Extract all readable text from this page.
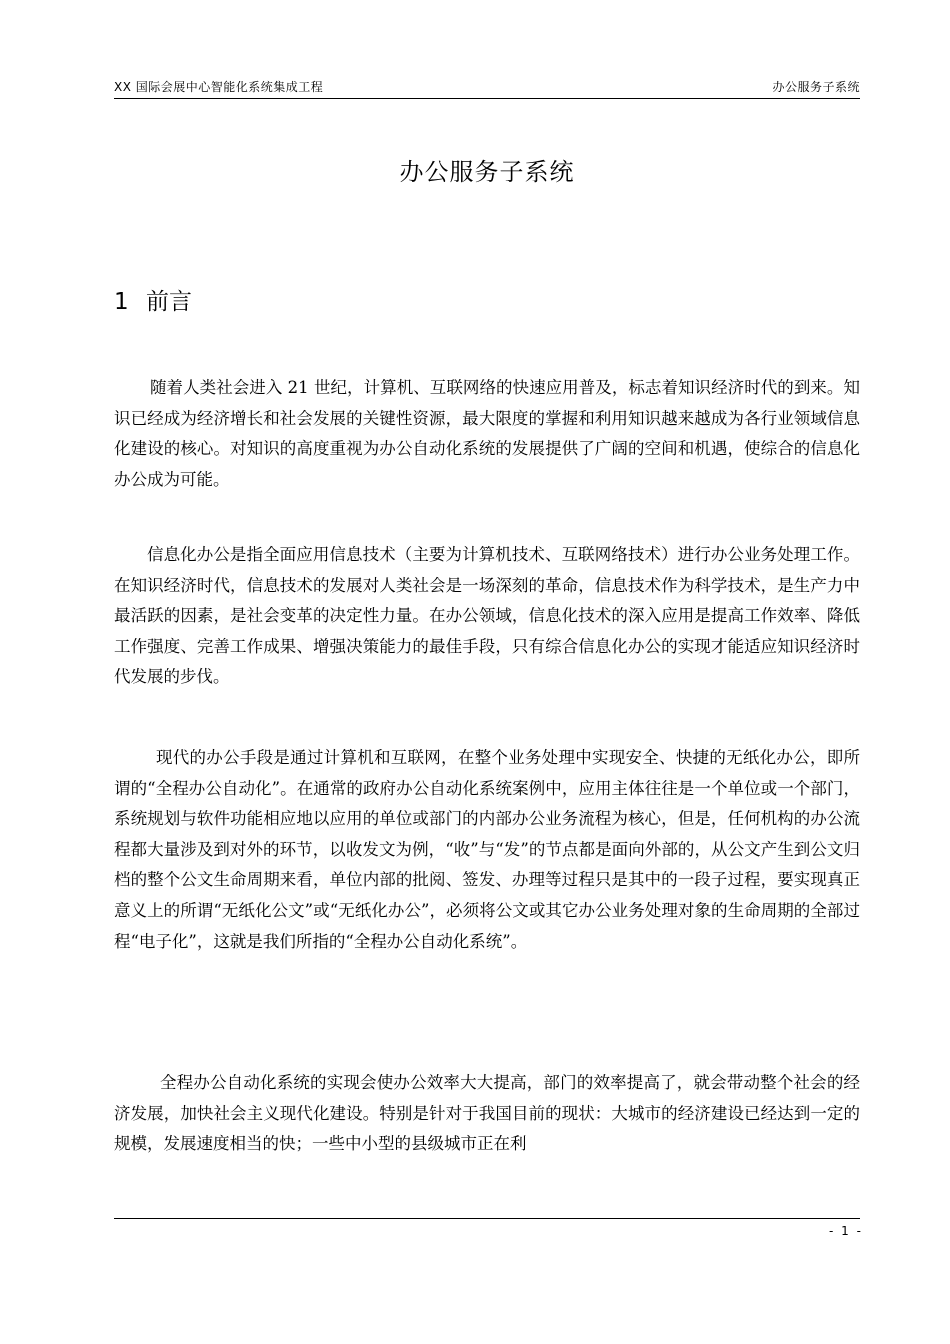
XX 国际会展中心智能化系统集成工程	办公服务子系统
办公服务子系统
1 前言
随着人类社会进入 21 世纪，计算机、互联网络的快速应用普及，标志着知识经济时代的到来。知识已经成为经济增长和社会发展的关键性资源，最大限度的掌握和利用知识越来越成为各行业领域信息化建设的核心。对知识的高度重视为办公自动化系统的发展提供了广阔的空间和机遇，使综合的信息化办公成为可能。
信息化办公是指全面应用信息技术（主要为计算机技术、互联网络技术）进行办公业务处理工作。在知识经济时代，信息技术的发展对人类社会是一场深刻的革命，信息技术作为科学技术，是生产力中最活跃的因素，是社会变革的决定性力量。在办公领域，信息化技术的深入应用是提高工作效率、降低工作强度、完善工作成果、增强决策能力的最佳手段，只有综合信息化办公的实现才能适应知识经济时代发展的步伐。
现代的办公手段是通过计算机和互联网，在整个业务处理中实现安全、快捷的无纸化办公，即所谓的“全程办公自动化”。在通常的政府办公自动化系统案例中，应用主体往往是一个单位或一个部门，系统规划与软件功能相应地以应用的单位或部门的内部办公业务流程为核心，但是，任何机构的办公流程都大量涉及到对外的环节，以收发文为例，“收”与“发”的节点都是面向外部的，从公文产生到公文归档的整个公文生命周期来看，单位内部的批阅、签发、办理等过程只是其中的一段子过程，要实现真正意义上的所谓“无纸化公文”或“无纸化办公”，必须将公文或其它办公业务处理对象的生命周期的全部过程“电子化”，这就是我们所指的“全程办公自动化系统”。
全程办公自动化系统的实现会使办公效率大大提高，部门的效率提高了，就会带动整个社会的经济发展，加快社会主义现代化建设。特别是针对于我国目前的现状：大城市的经济建设已经达到一定的规模，发展速度相当的快；一些中小型的县级城市正在利
- 1 -
